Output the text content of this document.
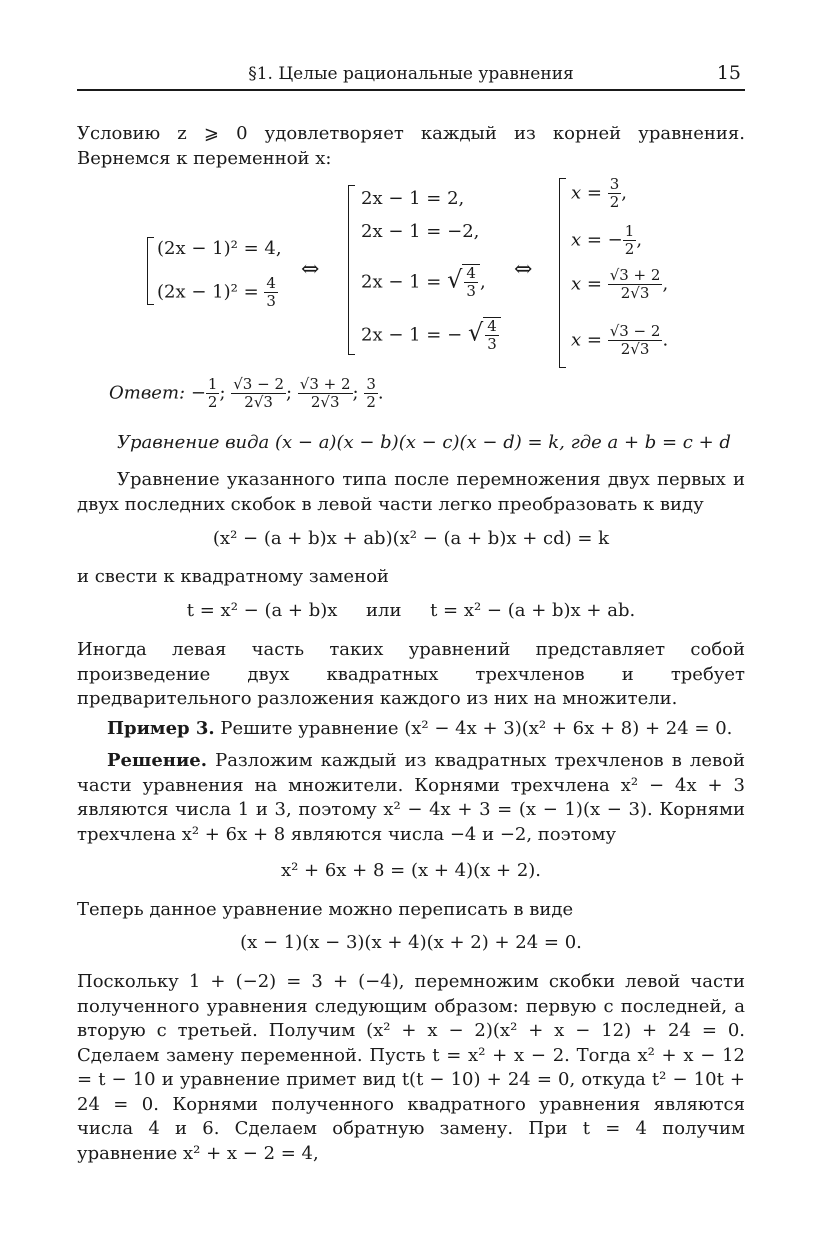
§1. Целые рациональные уравнения	15

Условию z ⩾ 0 удовлетворяет каждый из корней уравнения. Вернемся к переменной x:

(2x − 1)² = 4,
$(2x - 1)^2 = \frac{4}{3}$
⇔
2x − 1 = 2,
2x − 1 = −2,
2x − 1 = √ $\frac{4}{3}$ ,
2x − 1 = − √ $\frac{4}{3}$
⇔
$x = \frac{3}{2}$ ,
x = − $\frac{1}{2}$ ,
$x = \frac{√3 + 2}{2√3}$ ,
$x = \frac{√3 - 2}{2√3}$ .
Ответ: − $\frac{1}{2}$ ; $\frac{√3 - 2}{2√3}$ ; $\frac{√3 + 2}{2√3}$ ; $\frac{3}{2}$ .
Уравнение вида (x − a)(x − b)(x − c)(x − d) = k, где a + b = c + d

Уравнение указанного типа после перемножения двух первых и двух последних скобок в левой части легко преобразовать к виду

(x² − (a + b)x + ab)(x² − (a + b)x + cd) = k

и свести к квадратному заменой

t = x² − (a + b)x     или     t = x² − (a + b)x + ab.

Иногда левая часть таких уравнений представляет собой произведение двух квадратных трехчленов и требует предварительного разложения каждого из них на множители.

Пример 3. Решите уравнение (x² − 4x + 3)(x² + 6x + 8) + 24 = 0.

Решение. Разложим каждый из квадратных трехчленов в левой части уравнения на множители. Корнями трехчлена x² − 4x + 3 являются числа 1 и 3, поэтому x² − 4x + 3 = (x − 1)(x − 3). Корнями трехчлена x² + 6x + 8 являются числа −4 и −2, поэтому

x² + 6x + 8 = (x + 4)(x + 2).

Теперь данное уравнение можно переписать в виде

(x − 1)(x − 3)(x + 4)(x + 2) + 24 = 0.

Поскольку 1 + (−2) = 3 + (−4), перемножим скобки левой части полученного уравнения следующим образом: первую с последней, а вторую с третьей. Получим (x² + x − 2)(x² + x − 12) + 24 = 0. Сделаем замену переменной. Пусть t = x² + x − 2. Тогда x² + x − 12 = t − 10 и уравнение примет вид t(t − 10) + 24 = 0, откуда t² − 10t + 24 = 0. Корнями полученного квадратного уравнения являются числа 4 и 6. Сделаем обратную замену. При t = 4 получим уравнение x² + x − 2 = 4,
